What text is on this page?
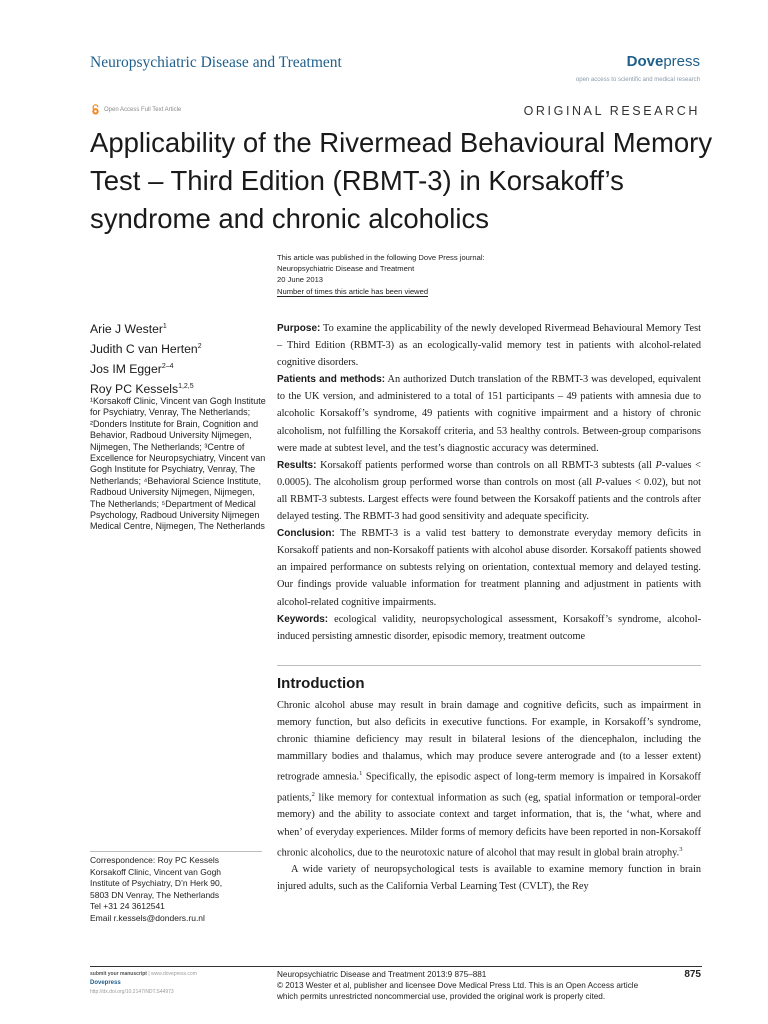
Neuropsychiatric Disease and Treatment	Dovepress
open access to scientific and medical research
Open Access Full Text Article	ORIGINAL RESEARCH
Applicability of the Rivermead Behavioural Memory Test – Third Edition (RBMT-3) in Korsakoff’s syndrome and chronic alcoholics
This article was published in the following Dove Press journal:
Neuropsychiatric Disease and Treatment
20 June 2013
Number of times this article has been viewed
Arie J Wester$^1$
Judith C van Herten$^2$
Jos IM Egger$^{2-4}$
Roy PC Kessels$^{1,2,5}$
¹Korsakoff Clinic, Vincent van Gogh Institute for Psychiatry, Venray, The Netherlands; ²Donders Institute for Brain, Cognition and Behavior, Radboud University Nijmegen, Nijmegen, The Netherlands; ³Centre of Excellence for Neuropsychiatry, Vincent van Gogh Institute for Psychiatry, Venray, The Netherlands; ⁴Behavioral Science Institute, Radboud University Nijmegen, Nijmegen, The Netherlands; ⁵Department of Medical Psychology, Radboud University Nijmegen Medical Centre, Nijmegen, The Netherlands

Purpose: To examine the applicability of the newly developed Rivermead Behavioural Memory Test – Third Edition (RBMT-3) as an ecologically-valid memory test in patients with alcohol-related cognitive disorders.

Patients and methods: An authorized Dutch translation of the RBMT-3 was developed, equivalent to the UK version, and administered to a total of 151 participants – 49 patients with amnesia due to alcoholic Korsakoff’s syndrome, 49 patients with cognitive impairment and a history of chronic alcoholism, not fulfilling the Korsakoff criteria, and 53 healthy controls. Between-group comparisons were made at subtest level, and the test’s diagnostic accuracy was determined.

Results: Korsakoff patients performed worse than controls on all RBMT-3 subtests (all P-values < 0.0005). The alcoholism group performed worse than controls on most (all P-values < 0.02), but not all RBMT-3 subtests. Largest effects were found between the Korsakoff patients and the controls after delayed testing. The RBMT-3 had good sensitivity and adequate specificity.

Conclusion: The RBMT-3 is a valid test battery to demonstrate everyday memory deficits in Korsakoff patients and non-Korsakoff patients with alcohol abuse disorder. Korsakoff patients showed an impaired performance on subtests relying on orientation, contextual memory and delayed testing. Our findings provide valuable information for treatment planning and adjustment in patients with alcohol-related cognitive impairments.

Keywords: ecological validity, neuropsychological assessment, Korsakoff’s syndrome, alcohol-induced persisting amnestic disorder, episodic memory, treatment outcome

Introduction

Chronic alcohol abuse may result in brain damage and cognitive deficits, such as impairment in memory function, but also deficits in executive functions. For example, in Korsakoff’s syndrome, chronic thiamine deficiency may result in bilateral lesions of the diencephalon, including the mammillary bodies and thalamus, which may produce severe anterograde and (to a lesser extent) retrograde amnesia.$^1$ Specifically, the episodic aspect of long-term memory is impaired in Korsakoff patients,$^2$ like memory for contextual information as such (eg, spatial information or temporal-order memory) and the ability to associate context and target information, that is, the ‘what, where and when’ of everyday experiences. Milder forms of memory deficits have been reported in non-Korsakoff chronic alcoholics, due to the neurotoxic nature of alcohol that may result in global brain atrophy.$^3$

A wide variety of neuropsychological tests is available to examine memory function in brain injured adults, such as the California Verbal Learning Test (CVLT), the Rey

Correspondence: Roy PC Kessels
Korsakoff Clinic, Vincent van Gogh
Institute of Psychiatry, D’n Herk 90,
5803 DN Venray, The Netherlands
Tel +31 24 3612541
Email r.kessels@donders.ru.nl
submit your manuscript | www.dovepress.com
Dovepress
http://dx.doi.org/10.2147/NDT.S44973
Neuropsychiatric Disease and Treatment 2013:9 875–881
© 2013 Wester et al, publisher and licensee Dove Medical Press Ltd. This is an Open Access article
which permits unrestricted noncommercial use, provided the original work is properly cited.
875
